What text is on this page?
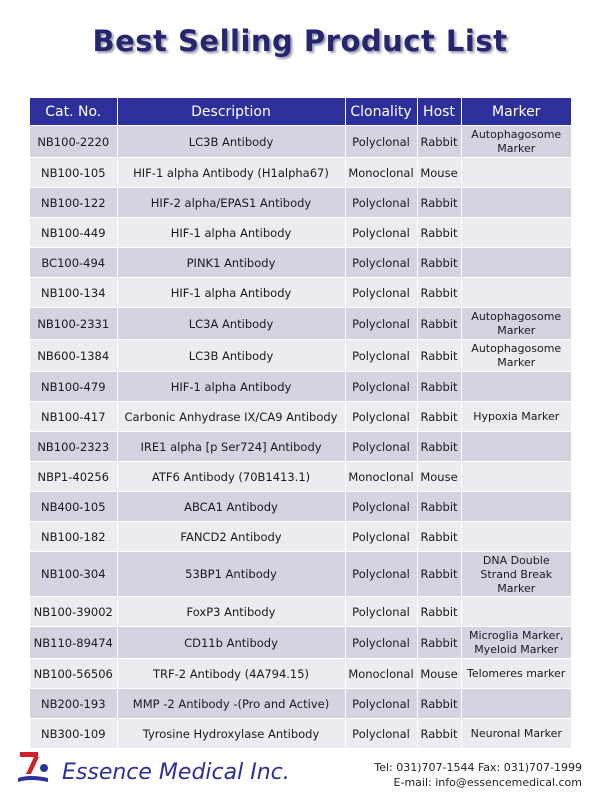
Best Selling Product List
Cat. No.	Description	Clonality	Host	Marker
NB100-2220	LC3B Antibody	Polyclonal	Rabbit	Autophagosome Marker
NB100-105	HIF-1 alpha Antibody (H1alpha67)	Monoclonal	Mouse	
NB100-122	HIF-2 alpha/EPAS1 Antibody	Polyclonal	Rabbit	
NB100-449	HIF-1 alpha Antibody	Polyclonal	Rabbit	
BC100-494	PINK1 Antibody	Polyclonal	Rabbit	
NB100-134	HIF-1 alpha Antibody	Polyclonal	Rabbit	
NB100-2331	LC3A Antibody	Polyclonal	Rabbit	Autophagosome Marker
NB600-1384	LC3B Antibody	Polyclonal	Rabbit	Autophagosome Marker
NB100-479	HIF-1 alpha Antibody	Polyclonal	Rabbit	
NB100-417	Carbonic Anhydrase IX/CA9 Antibody	Polyclonal	Rabbit	Hypoxia Marker
NB100-2323	IRE1 alpha [p Ser724] Antibody	Polyclonal	Rabbit	
NBP1-40256	ATF6 Antibody (70B1413.1)	Monoclonal	Mouse	
NB400-105	ABCA1 Antibody	Polyclonal	Rabbit	
NB100-182	FANCD2 Antibody	Polyclonal	Rabbit	
NB100-304	53BP1 Antibody	Polyclonal	Rabbit	DNA Double Strand Break Marker
NB100-39002	FoxP3 Antibody	Polyclonal	Rabbit	
NB110-89474	CD11b Antibody	Polyclonal	Rabbit	Microglia Marker, Myeloid Marker
NB100-56506	TRF-2 Antibody (4A794.15)	Monoclonal	Mouse	Telomeres marker
NB200-193	MMP -2 Antibody -(Pro and Active)	Polyclonal	Rabbit	
NB300-109	Tyrosine Hydroxylase Antibody	Polyclonal	Rabbit	Neuronal Marker
Essence Medical Inc.	Tel: 031)707-1544 Fax: 031)707-1999
E-mail: info@essencemedical.com
